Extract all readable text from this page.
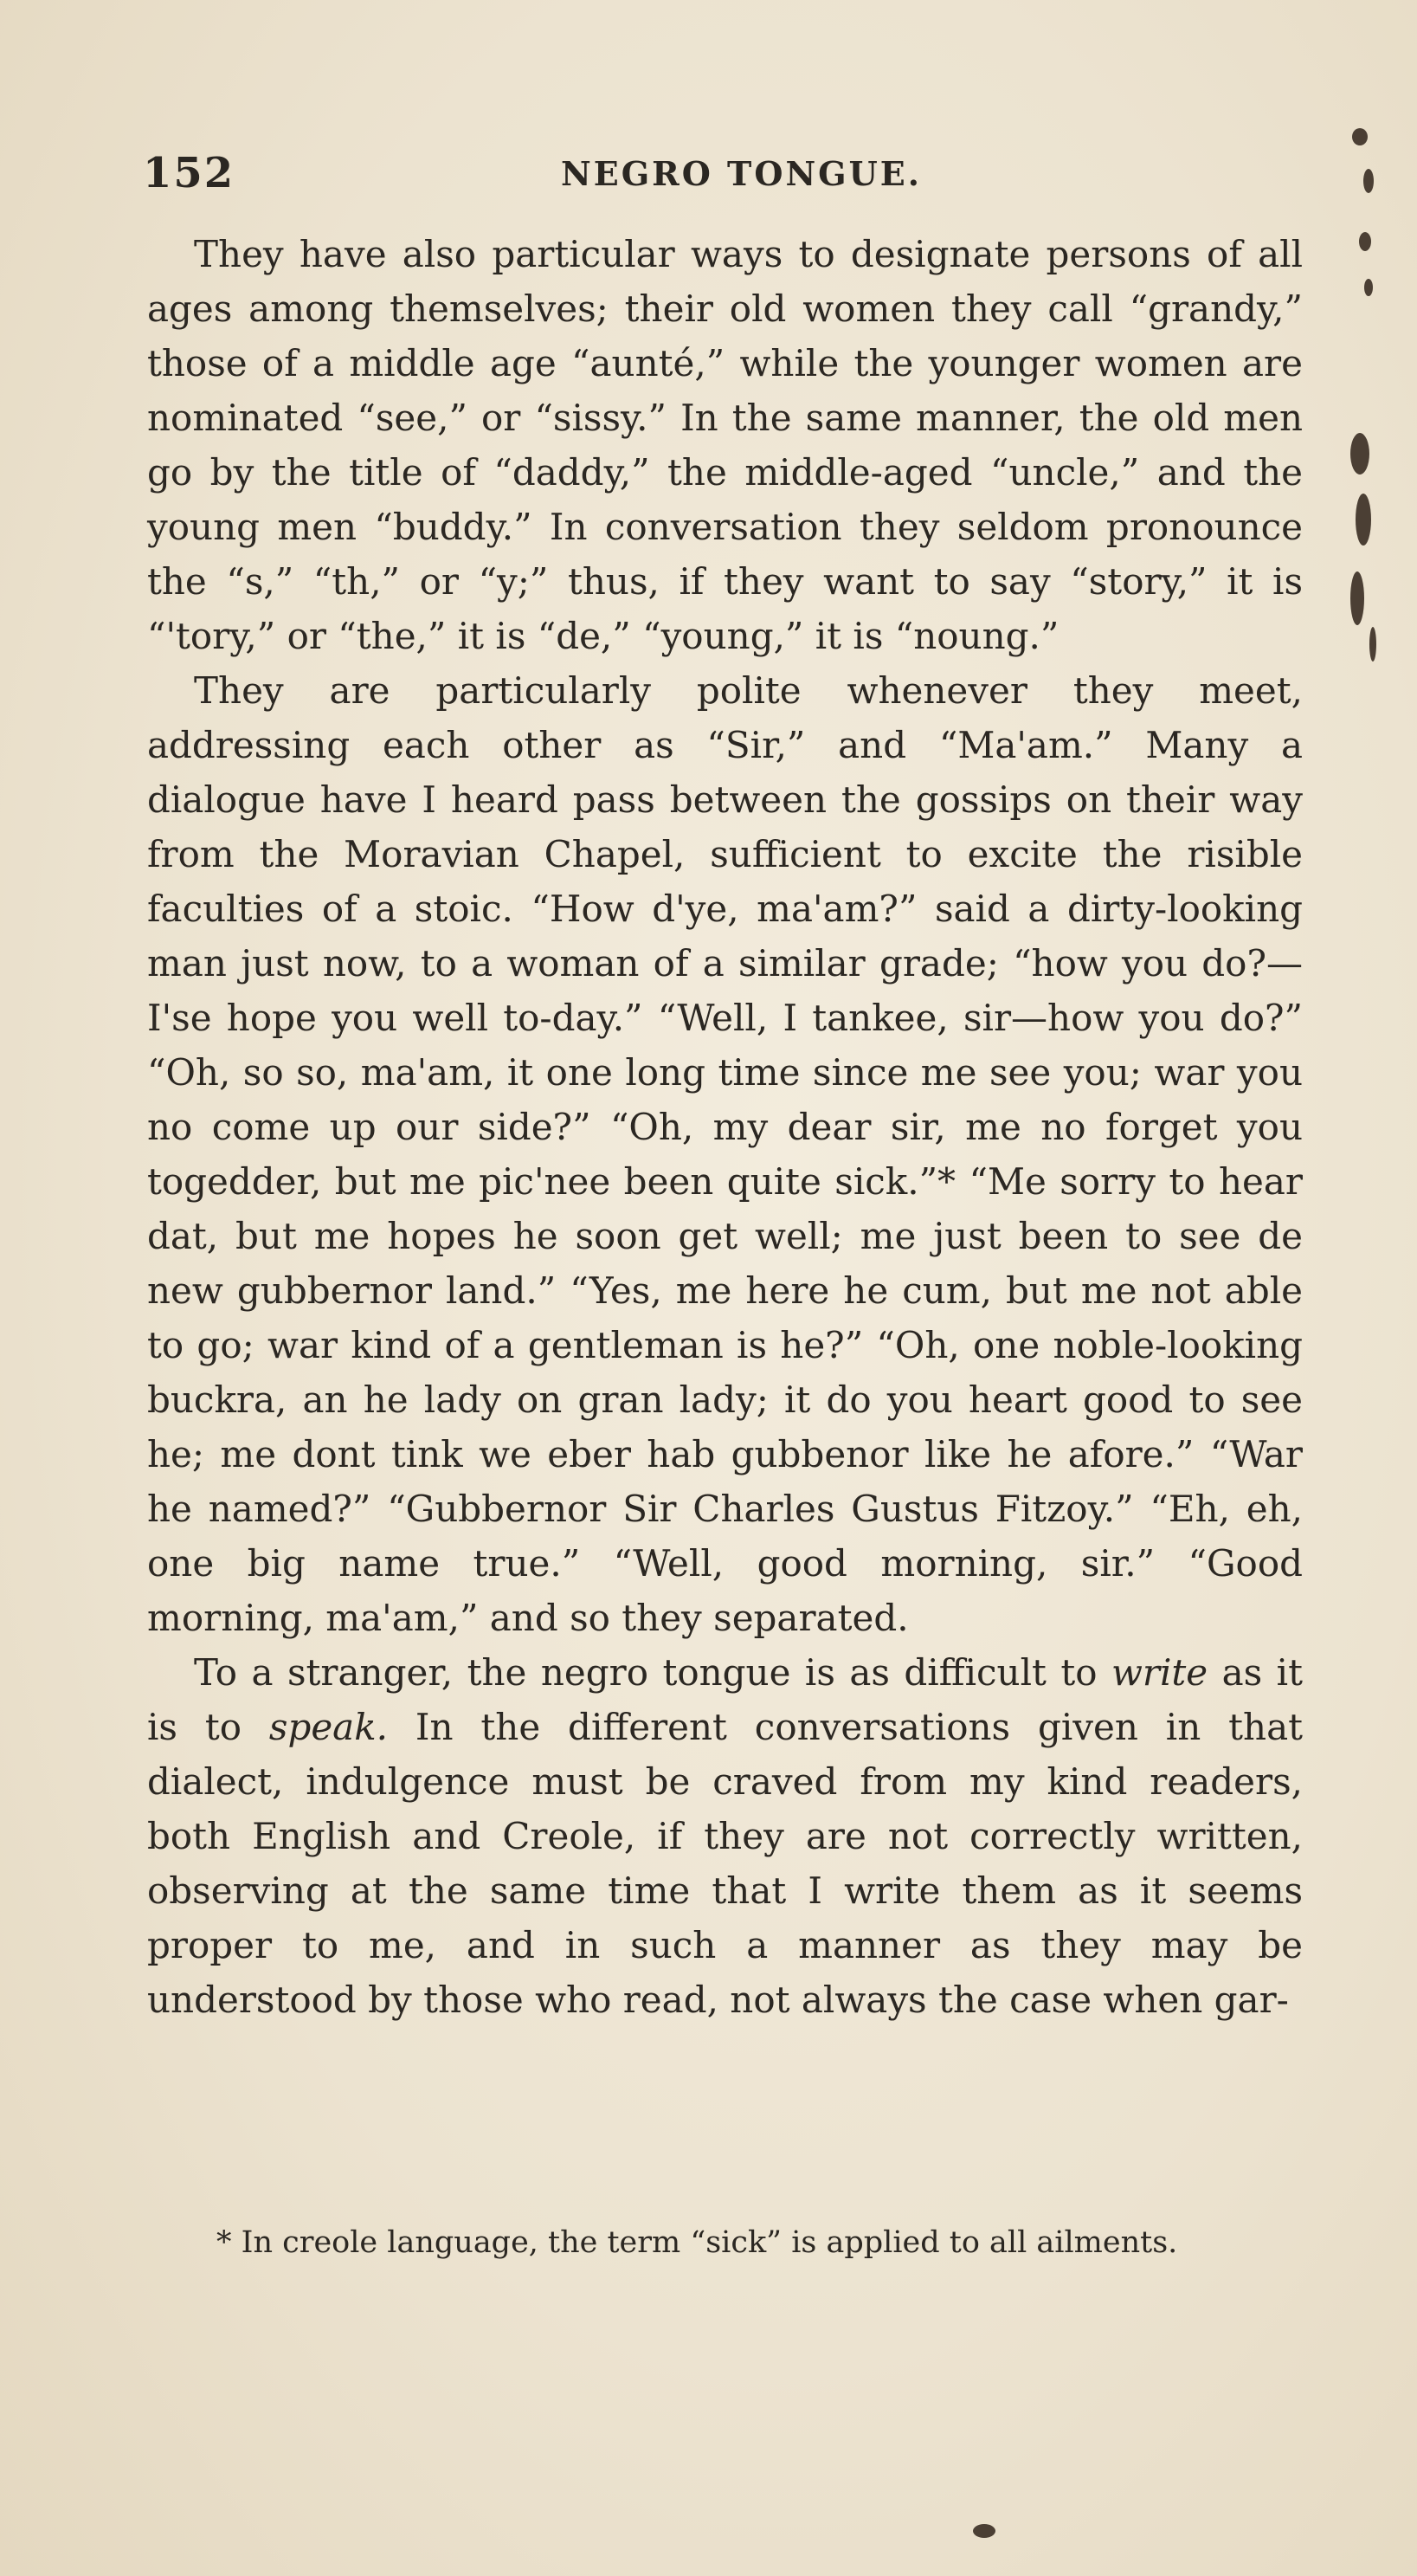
152	NEGRO TONGUE.

They have also particular ways to designate persons of all ages among themselves; their old women they call “grandy,” those of a middle age “aunté,” while the younger women are nominated “see,” or “sissy.” In the same manner, the old men go by the title of “daddy,” the middle-aged “uncle,” and the young men “buddy.” In conversation they seldom pronounce the “s,” “th,” or “y;” thus, if they want to say “story,” it is “'tory,” or “the,” it is “de,” “young,” it is “noung.”

They are particularly polite whenever they meet, addressing each other as “Sir,” and “Ma'am.” Many a dialogue have I heard pass between the gossips on their way from the Moravian Chapel, sufficient to excite the risible faculties of a stoic. “How d'ye, ma'am?” said a dirty-looking man just now, to a woman of a similar grade; “how you do?—I'se hope you well to-day.” “Well, I tankee, sir—how you do?” “Oh, so so, ma'am, it one long time since me see you; war you no come up our side?” “Oh, my dear sir, me no forget you togedder, but me pic'nee been quite sick.”* “Me sorry to hear dat, but me hopes he soon get well; me just been to see de new gubbernor land.” “Yes, me here he cum, but me not able to go; war kind of a gentleman is he?” “Oh, one noble-looking buckra, an he lady on gran lady; it do you heart good to see he; me dont tink we eber hab gubbenor like he afore.” “War he named?” “Gubbernor Sir Charles Gustus Fitzoy.” “Eh, eh, one big name true.” “Well, good morning, sir.” “Good morning, ma'am,” and so they separated.

To a stranger, the negro tongue is as difficult to write as it is to speak. In the different conversations given in that dialect, indulgence must be craved from my kind readers, both English and Creole, if they are not correctly written, observing at the same time that I write them as it seems proper to me, and in such a manner as they may be understood by those who read, not always the case when gar-

* In creole language, the term “sick” is applied to all ailments.
